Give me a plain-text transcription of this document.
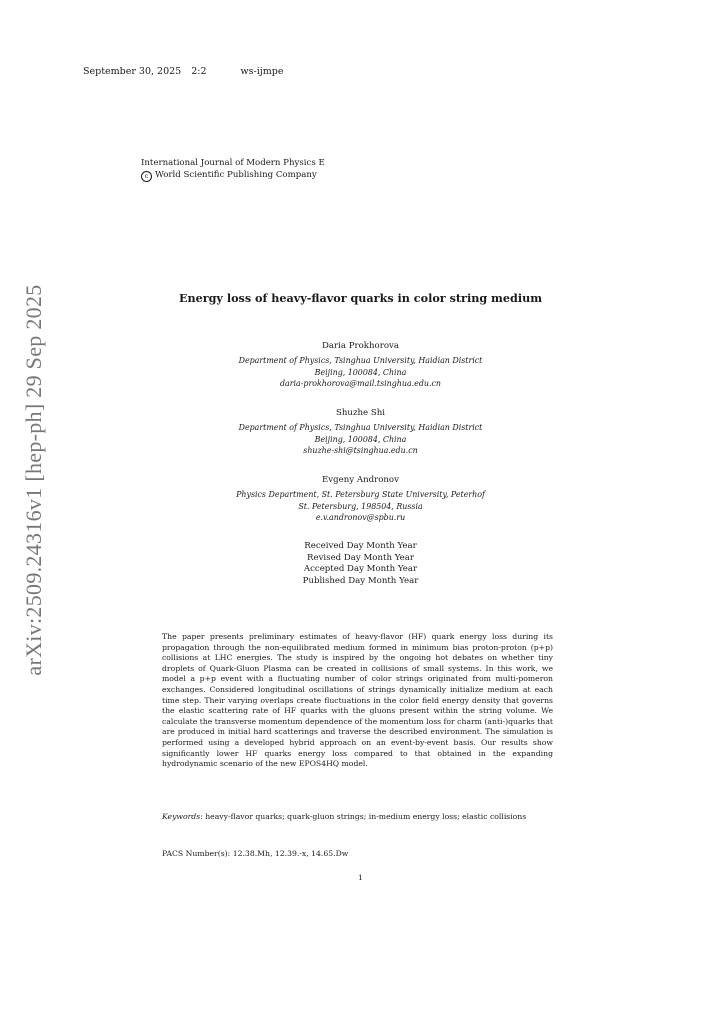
September 30, 2025 2:2	ws-ijmpe
International Journal of Modern Physics E
c World Scientific Publishing Company
arXiv:2509.24316v1 [hep-ph] 29 Sep 2025	Energy loss of heavy-flavor quarks in color string medium
Daria Prokhorova
Department of Physics, Tsinghua University, Haidian District
Beijing, 100084, China
daria-prokhorova@mail.tsinghua.edu.cn
Shuzhe Shi
Department of Physics, Tsinghua University, Haidian District
Beijing, 100084, China
shuzhe-shi@tsinghua.edu.cn
Evgeny Andronov
Physics Department, St. Petersburg State University, Peterhof
St. Petersburg, 198504, Russia
e.v.andronov@spbu.ru
Received Day Month Year
Revised Day Month Year
Accepted Day Month Year
Published Day Month Year
The paper presents preliminary estimates of heavy-flavor (HF) quark energy loss during its propagation through the non-equilibrated medium formed in minimum bias proton-proton (p+p) collisions at LHC energies. The study is inspired by the ongoing hot debates on whether tiny droplets of Quark-Gluon Plasma can be created in collisions of small systems. In this work, we model a p+p event with a fluctuating number of color strings originated from multi-pomeron exchanges. Considered longitudinal oscillations of strings dynamically initialize medium at each time step. Their varying overlaps create fluctuations in the color field energy density that governs the elastic scattering rate of HF quarks with the gluons present within the string volume. We calculate the transverse momentum dependence of the momentum loss for charm (anti-)quarks that are produced in initial hard scatterings and traverse the described environment. The simulation is performed using a developed hybrid approach on an event-by-event basis. Our results show significantly lower HF quarks energy loss compared to that obtained in the expanding hydrodynamic scenario of the new EPOS4HQ model.
Keywords: heavy-flavor quarks; quark-gluon strings; in-medium energy loss; elastic collisions
PACS Number(s): 12.38.Mh, 12.39.-x, 14.65.Dw
1
